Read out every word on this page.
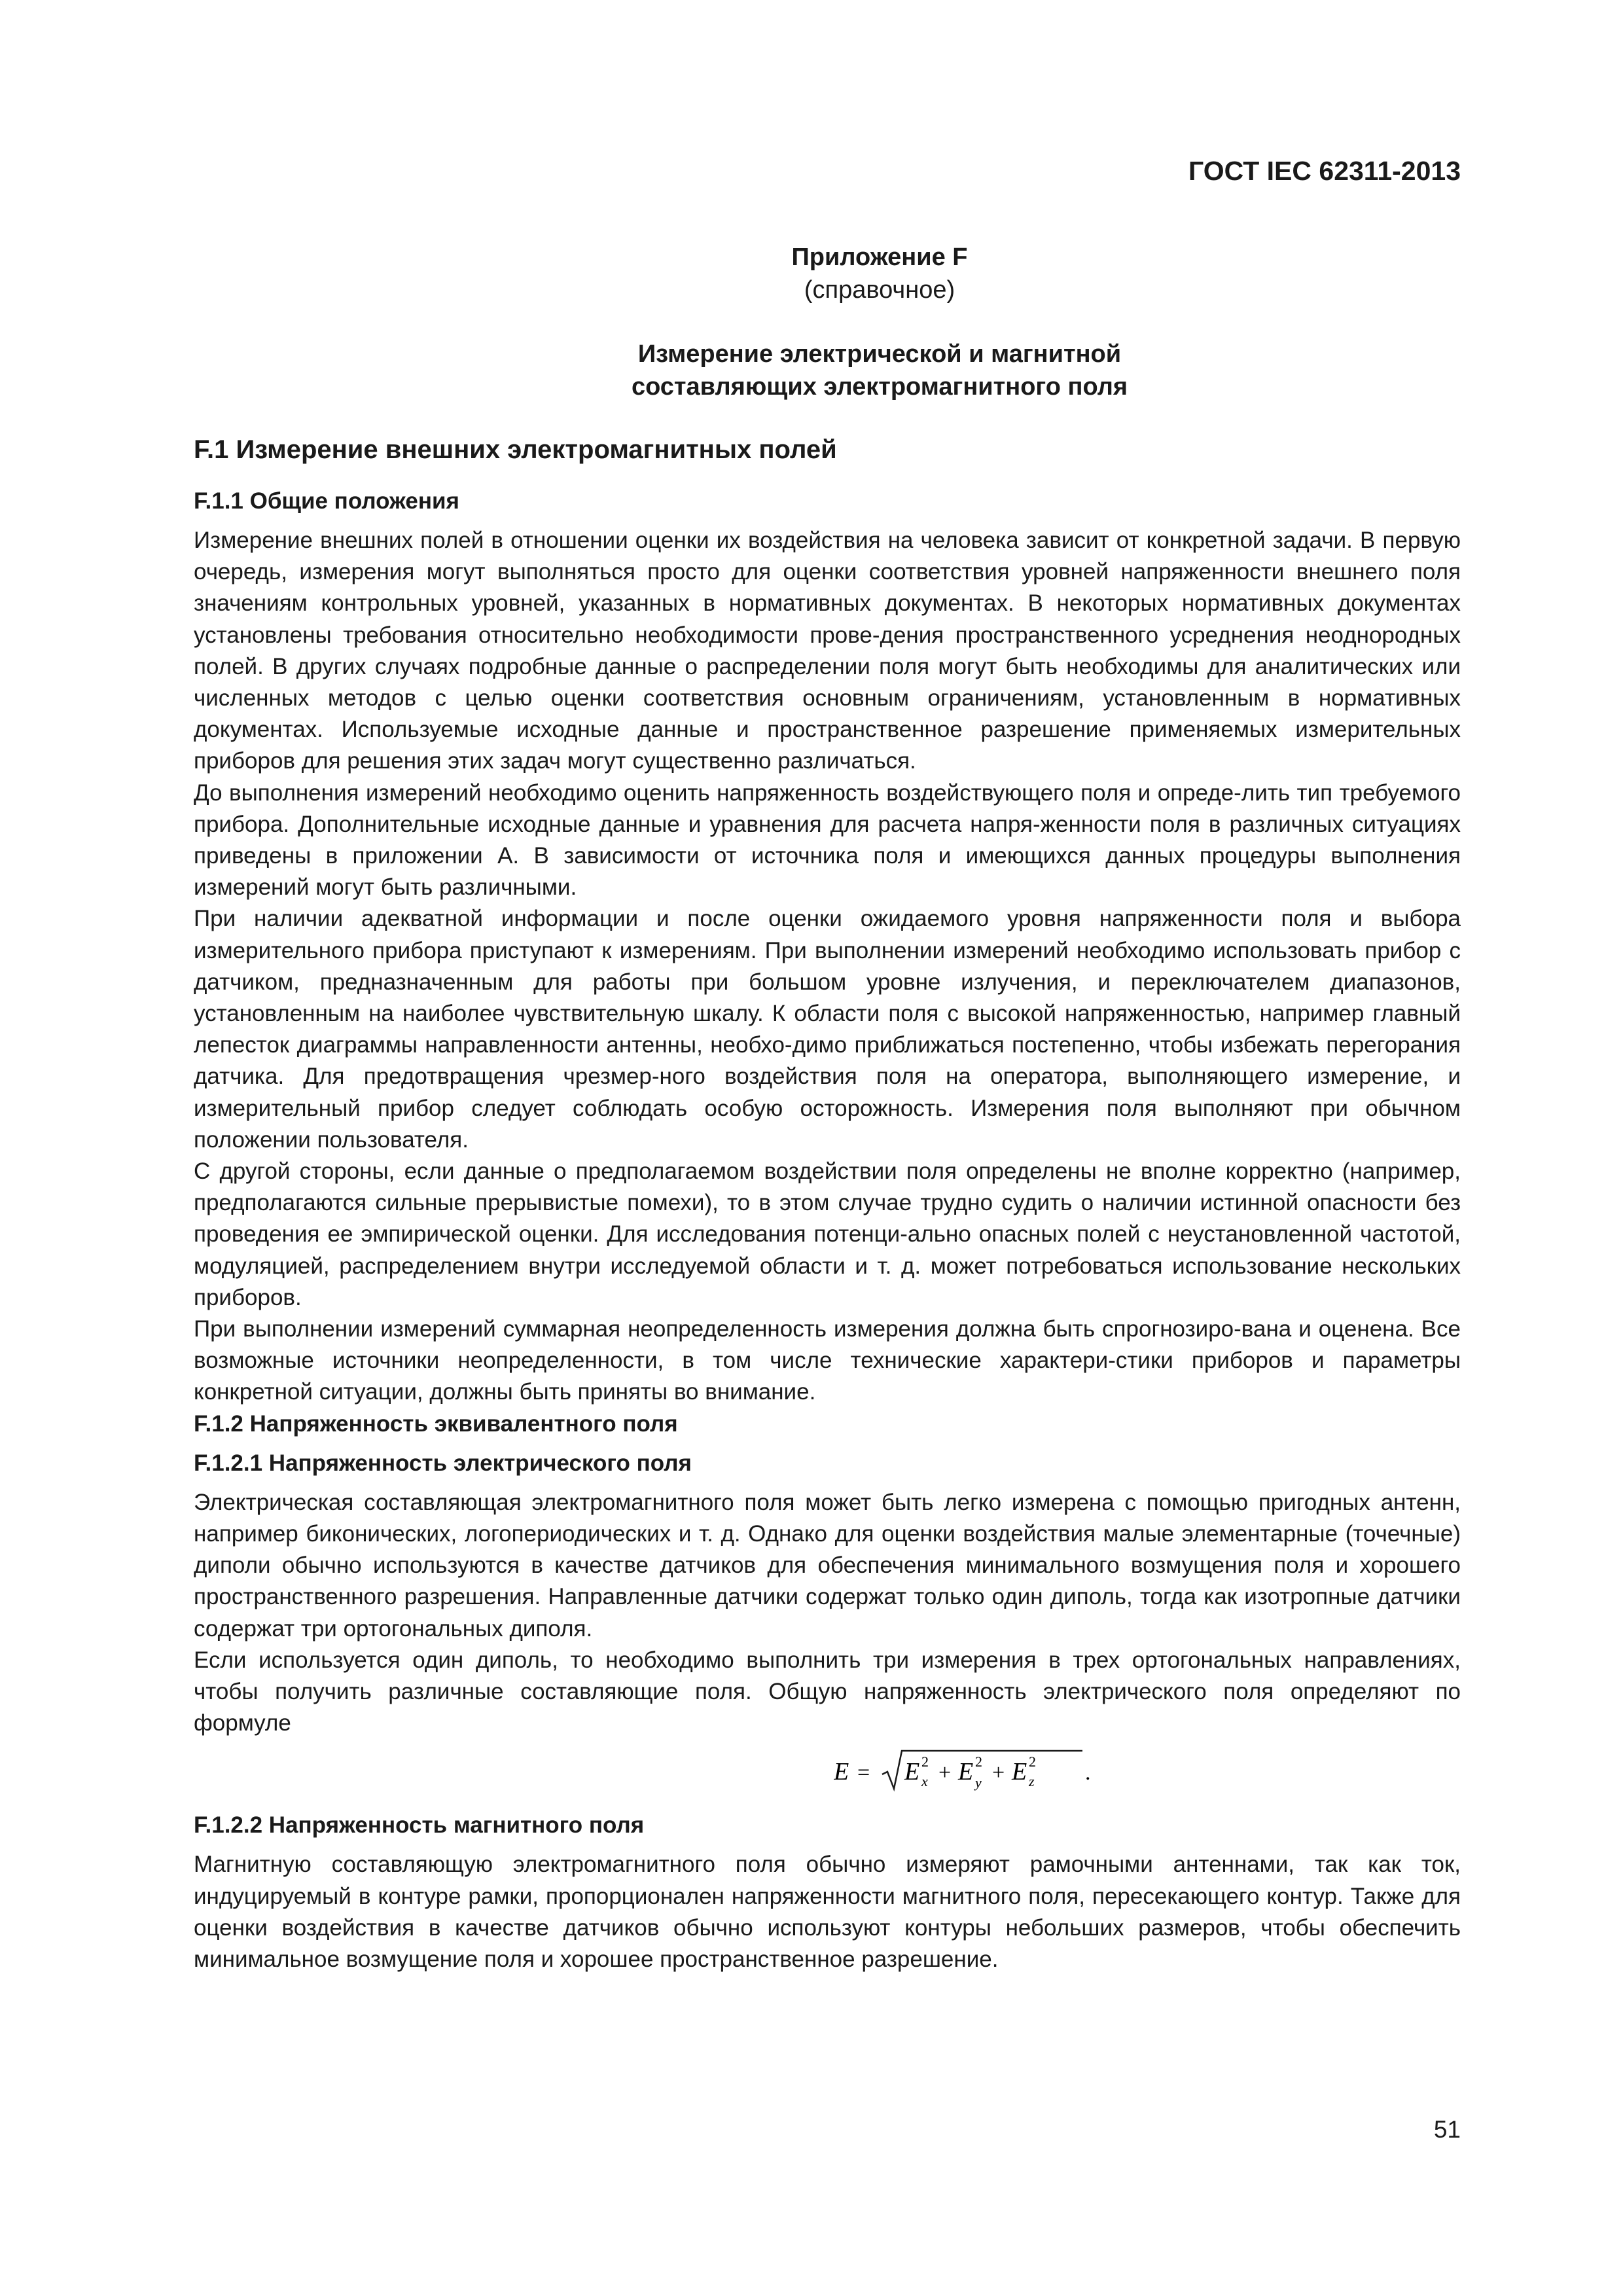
ГОСТ IEC 62311-2013
Приложение F
(справочное)
Измерение электрической и магнитной
составляющих электромагнитного поля
F.1 Измерение внешних электромагнитных полей
F.1.1 Общие положения

Измерение внешних полей в отношении оценки их воздействия на человека зависит от конкретной задачи. В первую очередь, измерения могут выполняться просто для оценки соответствия уровней напряженности внешнего поля значениям контрольных уровней, указанных в нормативных документах. В некоторых нормативных документах установлены требования относительно необходимости прове-дения пространственного усреднения неоднородных полей. В других случаях подробные данные о распределении поля могут быть необходимы для аналитических или численных методов с целью оценки соответствия основным ограничениям, установленным в нормативных документах. Используемые исходные данные и пространственное разрешение применяемых измерительных приборов для решения этих задач могут существенно различаться.

До выполнения измерений необходимо оценить напряженность воздействующего поля и опреде-лить тип требуемого прибора. Дополнительные исходные данные и уравнения для расчета напря-женности поля в различных ситуациях приведены в приложении А. В зависимости от источника поля и имеющихся данных процедуры выполнения измерений могут быть различными.

При наличии адекватной информации и после оценки ожидаемого уровня напряженности поля и выбора измерительного прибора приступают к измерениям. При выполнении измерений необходимо использовать прибор с датчиком, предназначенным для работы при большом уровне излучения, и переключателем диапазонов, установленным на наиболее чувствительную шкалу. К области поля с высокой напряженностью, например главный лепесток диаграммы направленности антенны, необхо-димо приближаться постепенно, чтобы избежать перегорания датчика. Для предотвращения чрезмер-ного воздействия поля на оператора, выполняющего измерение, и измерительный прибор следует соблюдать особую осторожность. Измерения поля выполняют при обычном положении пользователя.

С другой стороны, если данные о предполагаемом воздействии поля определены не вполне корректно (например, предполагаются сильные прерывистые помехи), то в этом случае трудно судить о наличии истинной опасности без проведения ее эмпирической оценки. Для исследования потенци-ально опасных полей с неустановленной частотой, модуляцией, распределением внутри исследуемой области и т. д. может потребоваться использование нескольких приборов.

При выполнении измерений суммарная неопределенность измерения должна быть спрогнозиро-вана и оценена. Все возможные источники неопределенности, в том числе технические характери-стики приборов и параметры конкретной ситуации, должны быть приняты во внимание.

F.1.2 Напряженность эквивалентного поля
F.1.2.1 Напряженность электрического поля

Электрическая составляющая электромагнитного поля может быть легко измерена с помощью пригодных антенн, например биконических, логопериодических и т. д. Однако для оценки воздействия малые элементарные (точечные) диполи обычно используются в качестве датчиков для обеспечения минимального возмущения поля и хорошего пространственного разрешения. Направленные датчики содержат только один диполь, тогда как изотропные датчики содержат три ортогональных диполя.

Если используется один диполь, то необходимо выполнить три измерения в трех ортогональных направлениях, чтобы получить различные составляющие поля. Общую напряженность электрического поля определяют по формуле

E = E 2
x + E 2
y + E 2
z .
F.1.2.2 Напряженность магнитного поля

Магнитную составляющую электромагнитного поля обычно измеряют рамочными антеннами, так как ток, индуцируемый в контуре рамки, пропорционален напряженности магнитного поля, пересекающего контур. Также для оценки воздействия в качестве датчиков обычно используют контуры небольших размеров, чтобы обеспечить минимальное возмущение поля и хорошее пространственное разрешение.

51
